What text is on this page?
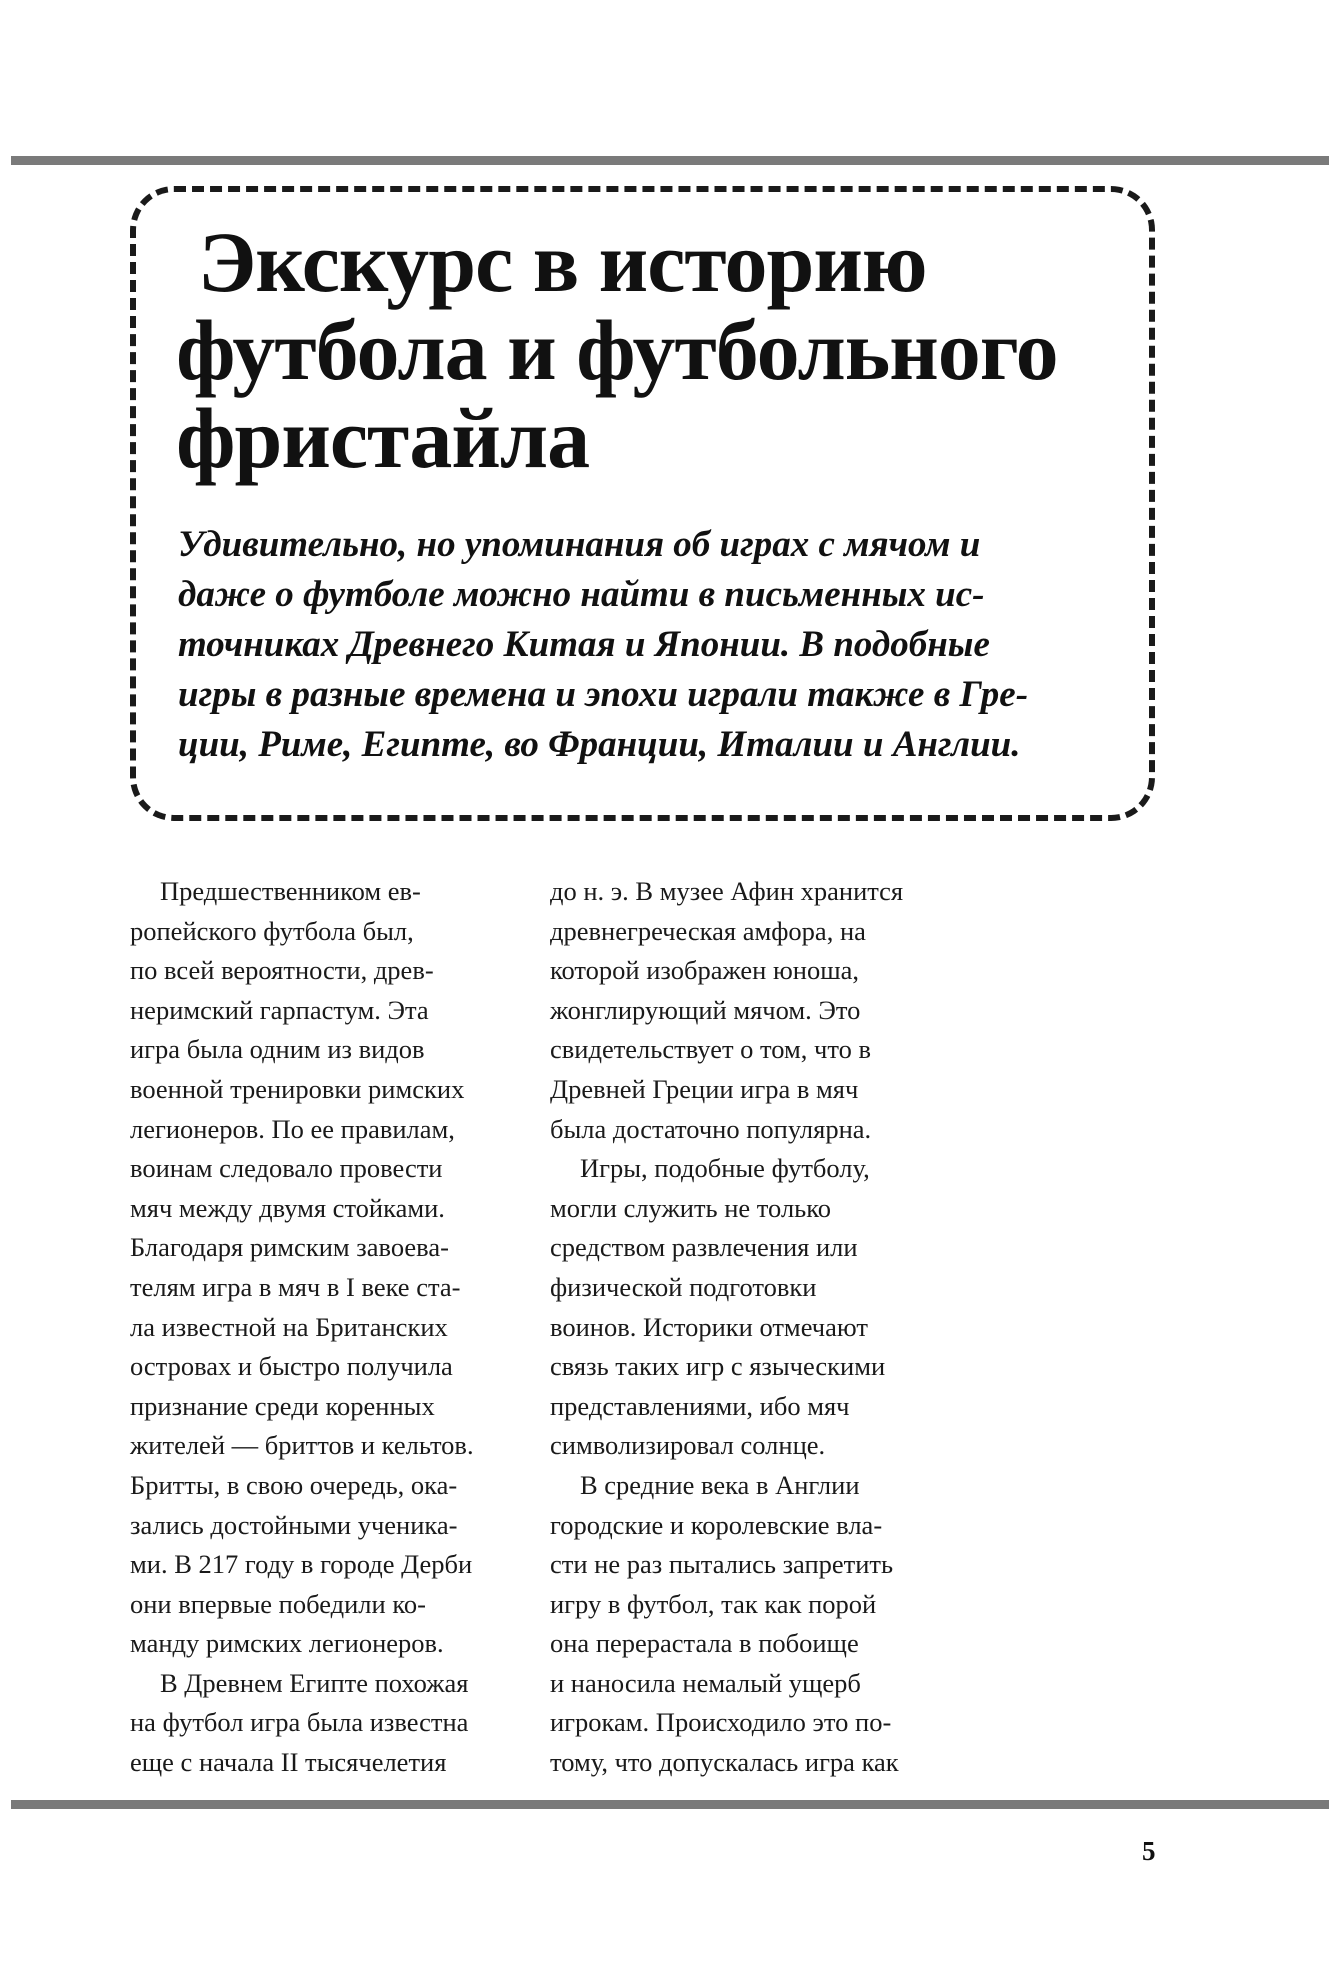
Экскурс в историю
футбола и футбольного
фристайла
Удивительно, но упоминания об играх с мячом и
даже о футболе можно найти в письменных ис-
точниках Древнего Китая и Японии. В подобные
игры в разные времена и эпохи играли также в Гре-
ции, Риме, Египте, во Франции, Италии и Англии.
Предшественником ев-
ропейского футбола был,
по всей вероятности, древ-
неримский гарпастум. Эта
игра была одним из видов
военной тренировки римских
легионеров. По ее правилам,
воинам следовало провести
мяч между двумя стойками.
Благодаря римским завоева-
телям игра в мяч в I веке ста-
ла известной на Британских
островах и быстро получила
признание среди коренных
жителей — бриттов и кельтов.
Бритты, в свою очередь, ока-
зались достойными ученика-
ми. В 217 году в городе Дерби
они впервые победили ко-
манду римских легионеров.
В Древнем Египте похожая
на футбол игра была известна
еще с начала II тысячелетия
до н. э. В музее Афин хранится
древнегреческая амфора, на
которой изображен юноша,
жонглирующий мячом. Это
свидетельствует о том, что в
Древней Греции игра в мяч
была достаточно популярна.
Игры, подобные футболу,
могли служить не только
средством развлечения или
физической подготовки
воинов. Историки отмечают
связь таких игр с языческими
представлениями, ибо мяч
символизировал солнце.
В средние века в Англии
городские и королевские вла-
сти не раз пытались запретить
игру в футбол, так как порой
она перерастала в побоище
и наносила немалый ущерб
игрокам. Происходило это по-
тому, что допускалась игра как

5
